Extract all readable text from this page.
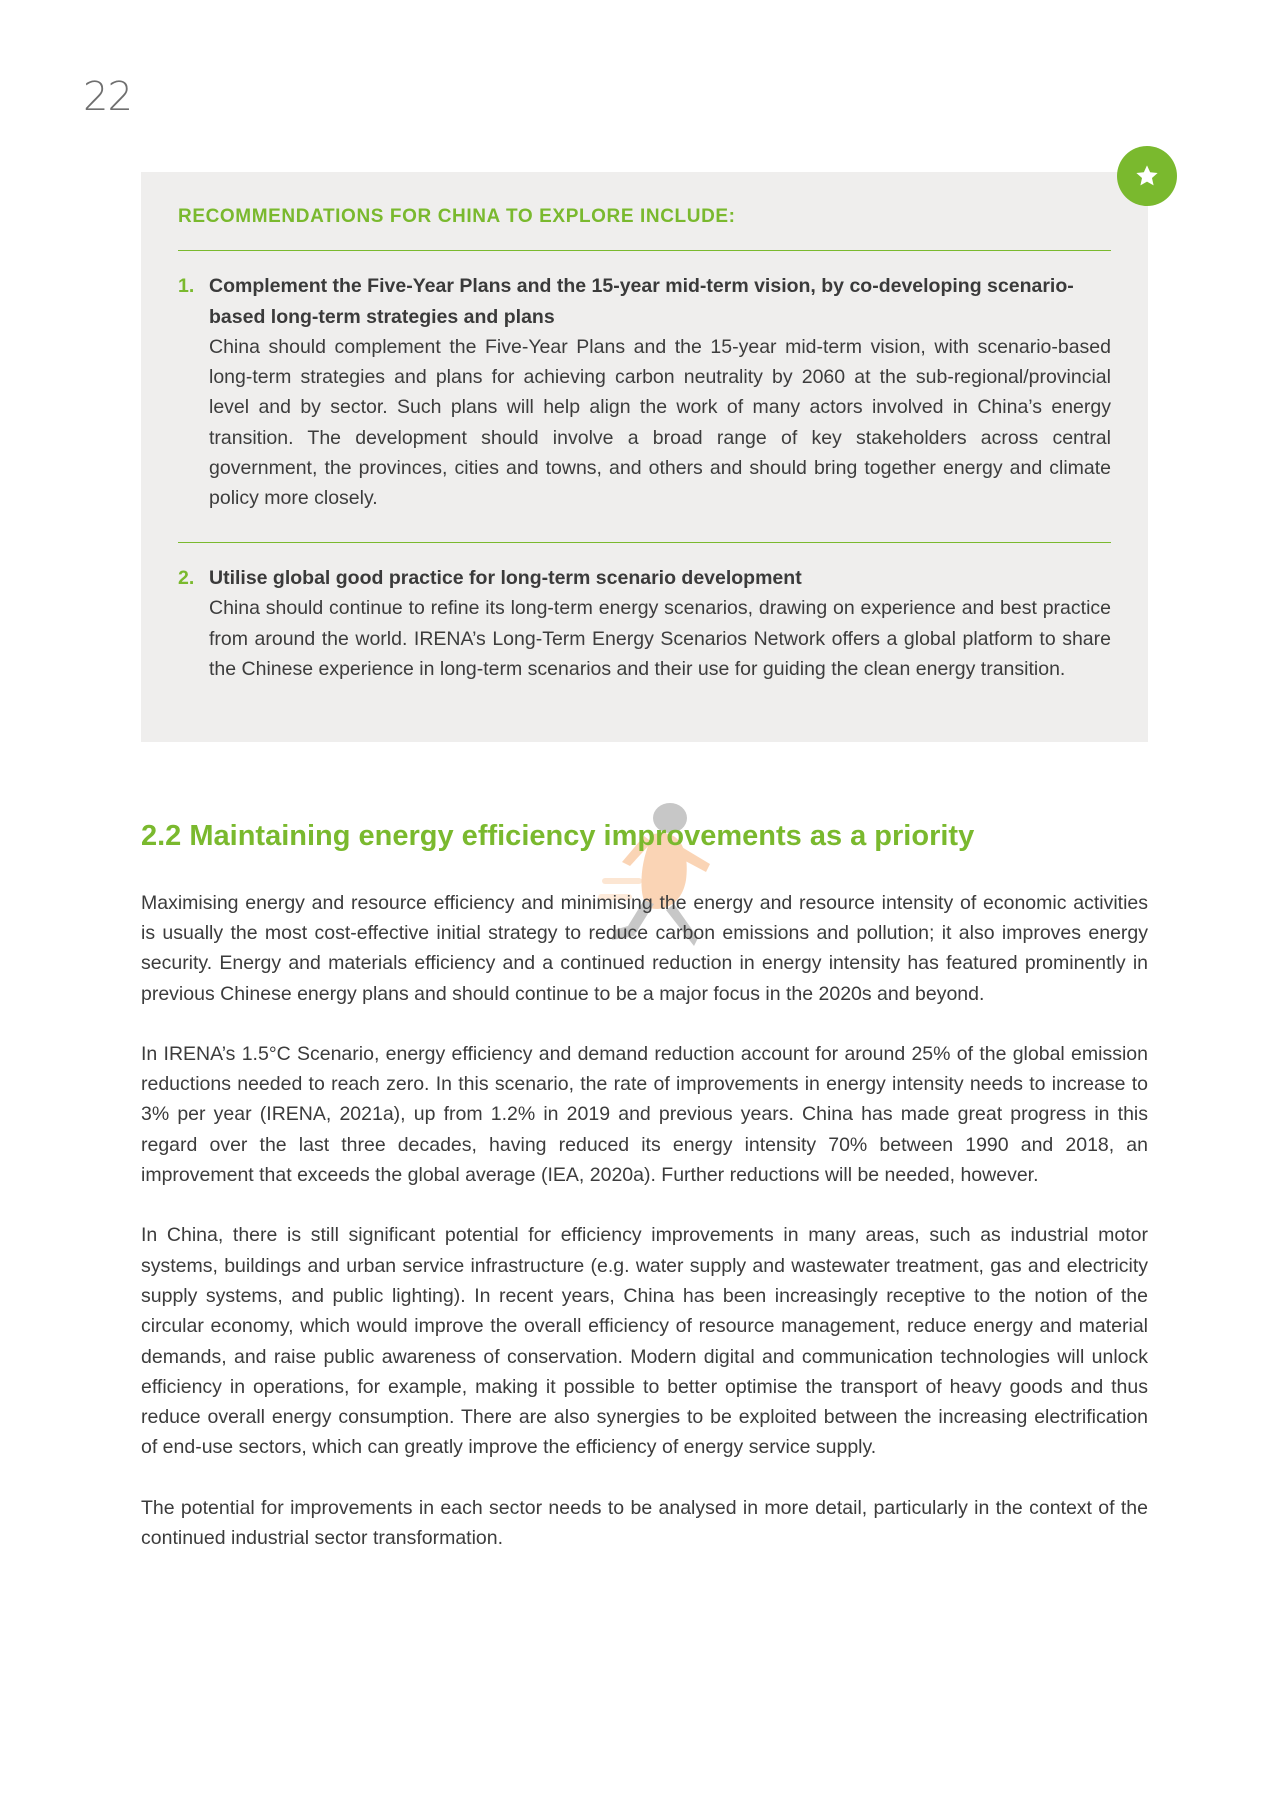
22
RECOMMENDATIONS FOR CHINA TO EXPLORE INCLUDE:
1. Complement the Five-Year Plans and the 15-year mid-term vision, by co-developing scenario-based long-term strategies and plans
China should complement the Five-Year Plans and the 15-year mid-term vision, with scenario-based long-term strategies and plans for achieving carbon neutrality by 2060 at the sub-regional/provincial level and by sector. Such plans will help align the work of many actors involved in China’s energy transition. The development should involve a broad range of key stakeholders across central government, the provinces, cities and towns, and others and should bring together energy and climate policy more closely.
2. Utilise global good practice for long-term scenario development
China should continue to refine its long-term energy scenarios, drawing on experience and best practice from around the world. IRENA’s Long-Term Energy Scenarios Network offers a global platform to share the Chinese experience in long-term scenarios and their use for guiding the clean energy transition.
2.2 Maintaining energy efficiency improvements as a priority

Maximising energy and resource efficiency and minimising the energy and resource intensity of economic activities is usually the most cost-effective initial strategy to reduce carbon emissions and pollution; it also improves energy security. Energy and materials efficiency and a continued reduction in energy intensity has featured prominently in previous Chinese energy plans and should continue to be a major focus in the 2020s and beyond.

In IRENA’s 1.5°C Scenario, energy efficiency and demand reduction account for around 25% of the global emission reductions needed to reach zero. In this scenario, the rate of improvements in energy intensity needs to increase to 3% per year (IRENA, 2021a), up from 1.2% in 2019 and previous years. China has made great progress in this regard over the last three decades, having reduced its energy intensity 70% between 1990 and 2018, an improvement that exceeds the global average (IEA, 2020a). Further reductions will be needed, however.

In China, there is still significant potential for efficiency improvements in many areas, such as industrial motor systems, buildings and urban service infrastructure (e.g. water supply and wastewater treatment, gas and electricity supply systems, and public lighting). In recent years, China has been increasingly receptive to the notion of the circular economy, which would improve the overall efficiency of resource management, reduce energy and material demands, and raise public awareness of conservation. Modern digital and communication technologies will unlock efficiency in operations, for example, making it possible to better optimise the transport of heavy goods and thus reduce overall energy consumption. There are also synergies to be exploited between the increasing electrification of end-use sectors, which can greatly improve the efficiency of energy service supply.

The potential for improvements in each sector needs to be analysed in more detail, particularly in the context of the continued industrial sector transformation.
